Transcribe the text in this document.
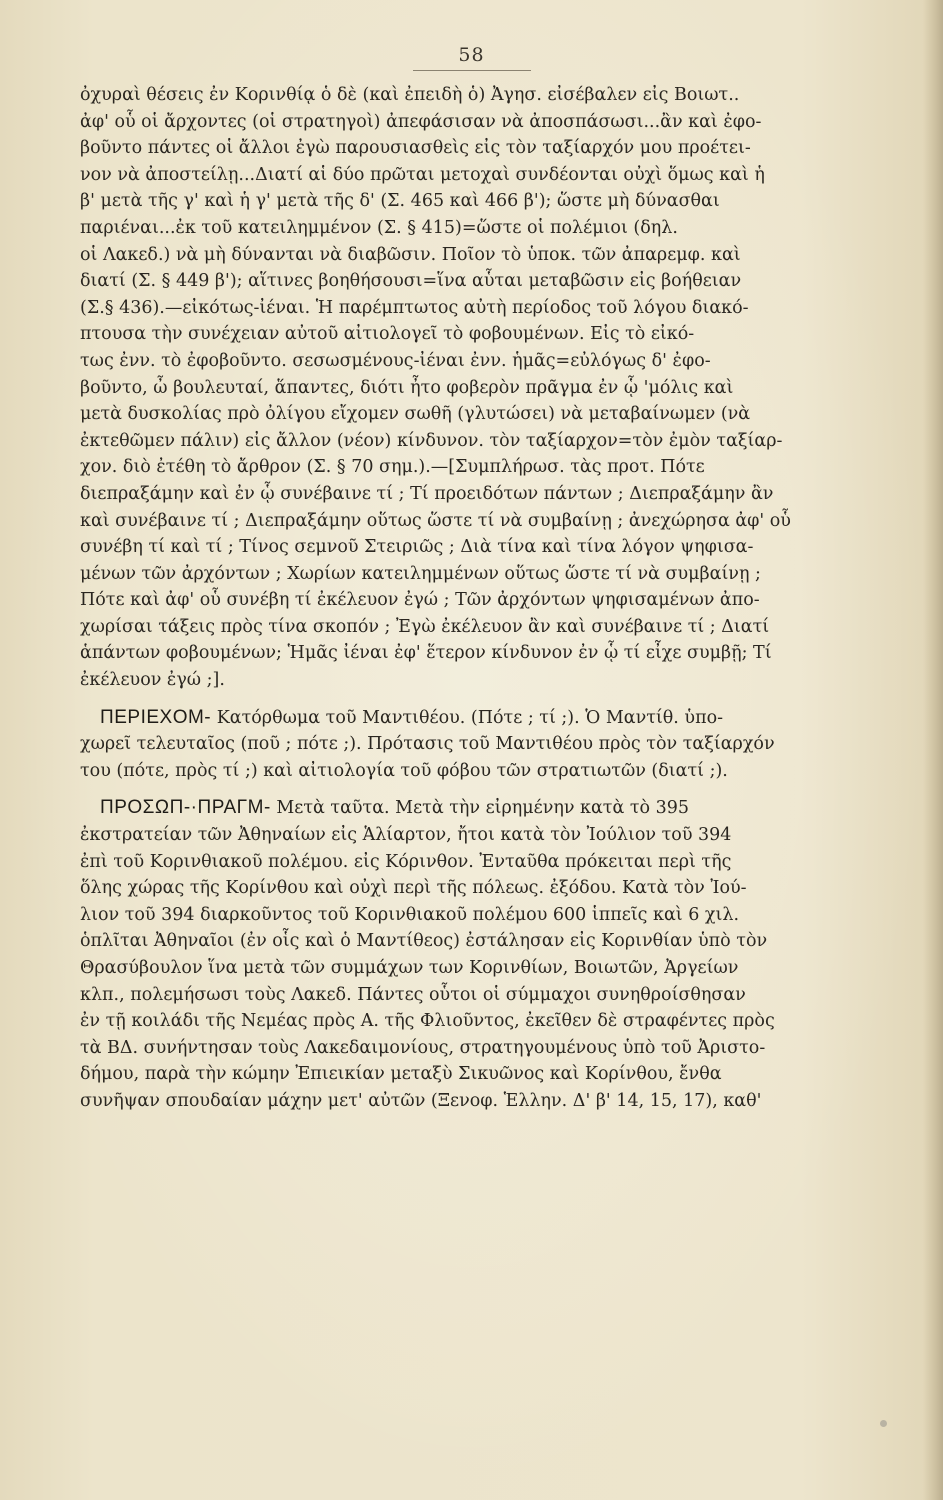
58
ὀχυραὶ θέσεις ἐν Κορινθίᾳ ὁ δὲ (καὶ ἐπειδὴ ὁ) Ἀγησ. εἰσέβαλεν εἰς Βοιωτ..
ἀφ' οὗ οἱ ἄρχοντες (οἱ στρατηγοὶ) ἀπεφάσισαν νὰ ἀποσπάσωσι...ἂν καὶ ἐφο-
βοῦντο πάντες οἱ ἄλλοι ἐγὼ παρουσιασθεὶς εἰς τὸν ταξίαρχόν μου προέτει-
νον νὰ ἀποστείλῃ...Διατί αἱ δύο πρῶται μετοχαὶ συνδέονται οὐχὶ ὅμως καὶ ἡ
β' μετὰ τῆς γ' καὶ ἡ γ' μετὰ τῆς δ' (Σ. 465 καὶ 466 β'); ὥστε μὴ δύνασθαι
παριέναι...ἐκ τοῦ κατειλημμένον (Σ. § 415)=ὥστε οἱ πολέμιοι (δηλ.
οἱ Λακεδ.) νὰ μὴ δύνανται νὰ διαβῶσιν. Ποῖον τὸ ὑποκ. τῶν ἀπαρεμφ. καὶ
διατί (Σ. § 449 β'); αἵτινες βοηθήσουσι=ἵνα αὗται μεταβῶσιν εἰς βοήθειαν
(Σ.§ 436).—εἰκότως-ἰέναι. Ἡ παρέμπτωτος αὐτὴ περίοδος τοῦ λόγου διακό-
πτουσα τὴν συνέχειαν αὐτοῦ αἰτιολογεῖ τὸ φοβουμένων. Εἰς τὸ εἰκό-
τως ἐνν. τὸ ἐφοβοῦντο. σεσωσμένους-ἰέναι ἐνν. ἡμᾶς=εὐλόγως δ' ἐφο-
βοῦντο, ὦ βουλευταί, ἅπαντες, διότι ἦτο φοβερὸν πρᾶγμα ἐν ᾧ 'μόλις καὶ
μετὰ δυσκολίας πρὸ ὀλίγου εἴχομεν σωθῆ (γλυτώσει) νὰ μεταβαίνωμεν (νὰ
ἐκτεθῶμεν πάλιν) εἰς ἄλλον (νέον) κίνδυνον. τὸν ταξίαρχον=τὸν ἐμὸν ταξίαρ-
χον. διὸ ἐτέθη τὸ ἄρθρον (Σ. § 70 σημ.).—[Συμπλήρωσ. τὰς προτ. Πότε
διεπραξάμην καὶ ἐν ᾧ συνέβαινε τί ; Τί προειδότων πάντων ; Διεπραξάμην ἂν
καὶ συνέβαινε τί ; Διεπραξάμην οὕτως ὥστε τί νὰ συμβαίνῃ ; ἀνεχώρησα ἀφ' οὗ
συνέβη τί καὶ τί ; Τίνος σεμνοῦ Στειριῶς ; Διὰ τίνα καὶ τίνα λόγον ψηφισα-
μένων τῶν ἀρχόντων ; Χωρίων κατειλημμένων οὕτως ὥστε τί νὰ συμβαίνῃ ;
Πότε καὶ ἀφ' οὗ συνέβη τί ἐκέλευον ἐγώ ; Τῶν ἀρχόντων ψηφισαμένων ἀπο-
χωρίσαι τάξεις πρὸς τίνα σκοπόν ; Ἐγὼ ἐκέλευον ἂν καὶ συνέβαινε τί ; Διατί
ἁπάντων φοβουμένων; Ἡμᾶς ἰέναι ἐφ' ἕτερον κίνδυνον ἐν ᾧ τί εἶχε συμβῇ; Τί
ἐκέλευον ἐγώ ;].
ΠΕΡΙΕΧΟΜ- Κατόρθωμα τοῦ Μαντιθέου. (Πότε ; τί ;). Ὁ Μαντίθ. ὑπο-
χωρεῖ τελευταῖος (ποῦ ; πότε ;). Πρότασις τοῦ Μαντιθέου πρὸς τὸν ταξίαρχόν
του (πότε, πρὸς τί ;) καὶ αἰτιολογία τοῦ φόβου τῶν στρατιωτῶν (διατί ;).
ΠΡΟΣΩΠ-·ΠΡΑΓΜ- Μετὰ ταῦτα. Μετὰ τὴν εἰρημένην κατὰ τὸ 395
ἐκστρατείαν τῶν Ἀθηναίων εἰς Ἁλίαρτον, ἤτοι κατὰ τὸν Ἰούλιον τοῦ 394
ἐπὶ τοῦ Κορινθιακοῦ πολέμου. εἰς Κόρινθον. Ἐνταῦθα πρόκειται περὶ τῆς
ὅλης χώρας τῆς Κορίνθου καὶ οὐχὶ περὶ τῆς πόλεως. ἐξόδου. Κατὰ τὸν Ἰού-
λιον τοῦ 394 διαρκοῦντος τοῦ Κορινθιακοῦ πολέμου 600 ἱππεῖς καὶ 6 χιλ.
ὁπλῖται Ἀθηναῖοι (ἐν οἷς καὶ ὁ Μαντίθεος) ἐστάλησαν εἰς Κορινθίαν ὑπὸ τὸν
Θρασύβουλον ἵνα μετὰ τῶν συμμάχων των Κορινθίων, Βοιωτῶν, Ἀργείων
κλπ., πολεμήσωσι τοὺς Λακεδ. Πάντες οὗτοι οἱ σύμμαχοι συνηθροίσθησαν
ἐν τῇ κοιλάδι τῆς Νεμέας πρὸς Α. τῆς Φλιοῦντος, ἐκεῖθεν δὲ στραφέντες πρὸς
τὰ ΒΔ. συνήντησαν τοὺς Λακεδαιμονίους, στρατηγουμένους ὑπὸ τοῦ Ἀριστο-
δήμου, παρὰ τὴν κώμην Ἐπιεικίαν μεταξὺ Σικυῶνος καὶ Κορίνθου, ἔνθα
συνῆψαν σπουδαίαν μάχην μετ' αὐτῶν (Ξενοφ. Ἑλλην. Δ' β' 14, 15, 17), καθ'
